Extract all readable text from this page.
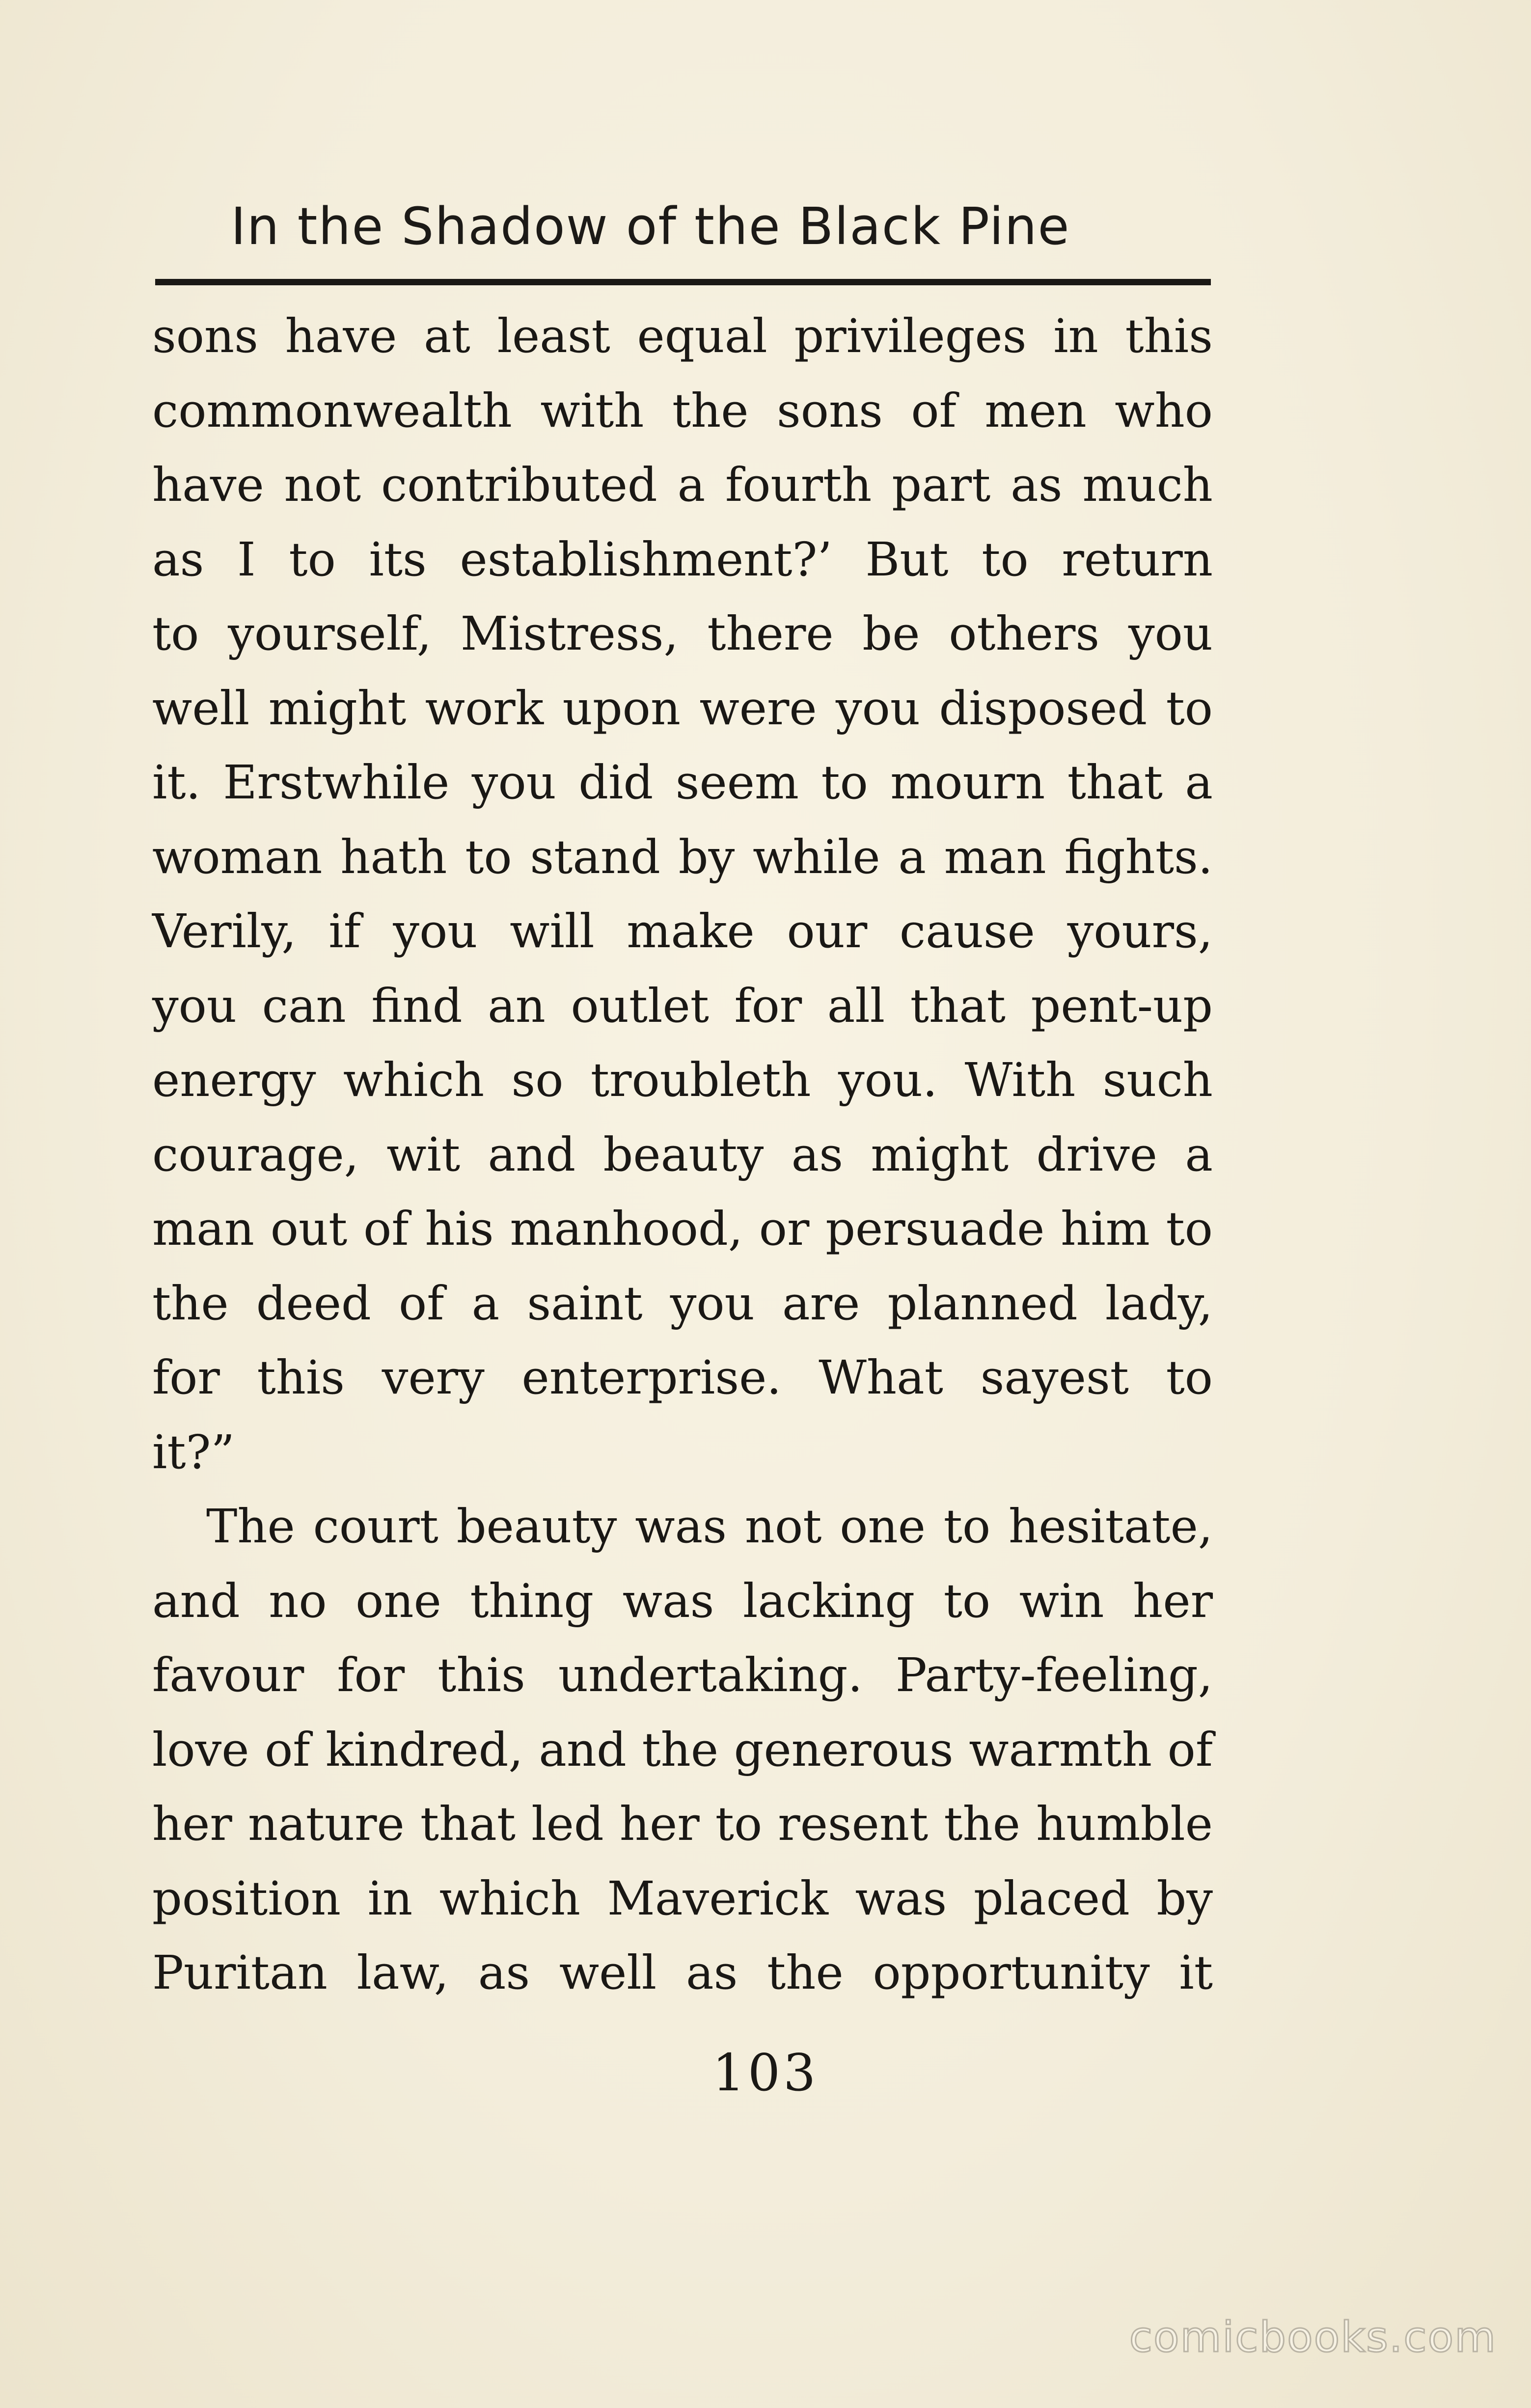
In the Shadow of the Black Pine
sons have at least equal privileges in this
commonwealth with the sons of men who
have not contributed a fourth part as much
as I to its establishment?’ But to return
to yourself, Mistress, there be others you
well might work upon were you disposed to
it. Erstwhile you did seem to mourn that a
woman hath to stand by while a man fights.
Verily, if you will make our cause yours,
you can find an outlet for all that pent-up
energy which so troubleth you. With such
courage, wit and beauty as might drive a
man out of his manhood, or persuade him to
the deed of a saint you are planned lady,
for this very enterprise. What sayest to
it?”
The court beauty was not one to hesitate,
and no one thing was lacking to win her
favour for this undertaking. Party-feeling,
love of kindred, and the generous warmth of
her nature that led her to resent the humble
position in which Maverick was placed by
Puritan law, as well as the opportunity it
103
comicbooks.com
